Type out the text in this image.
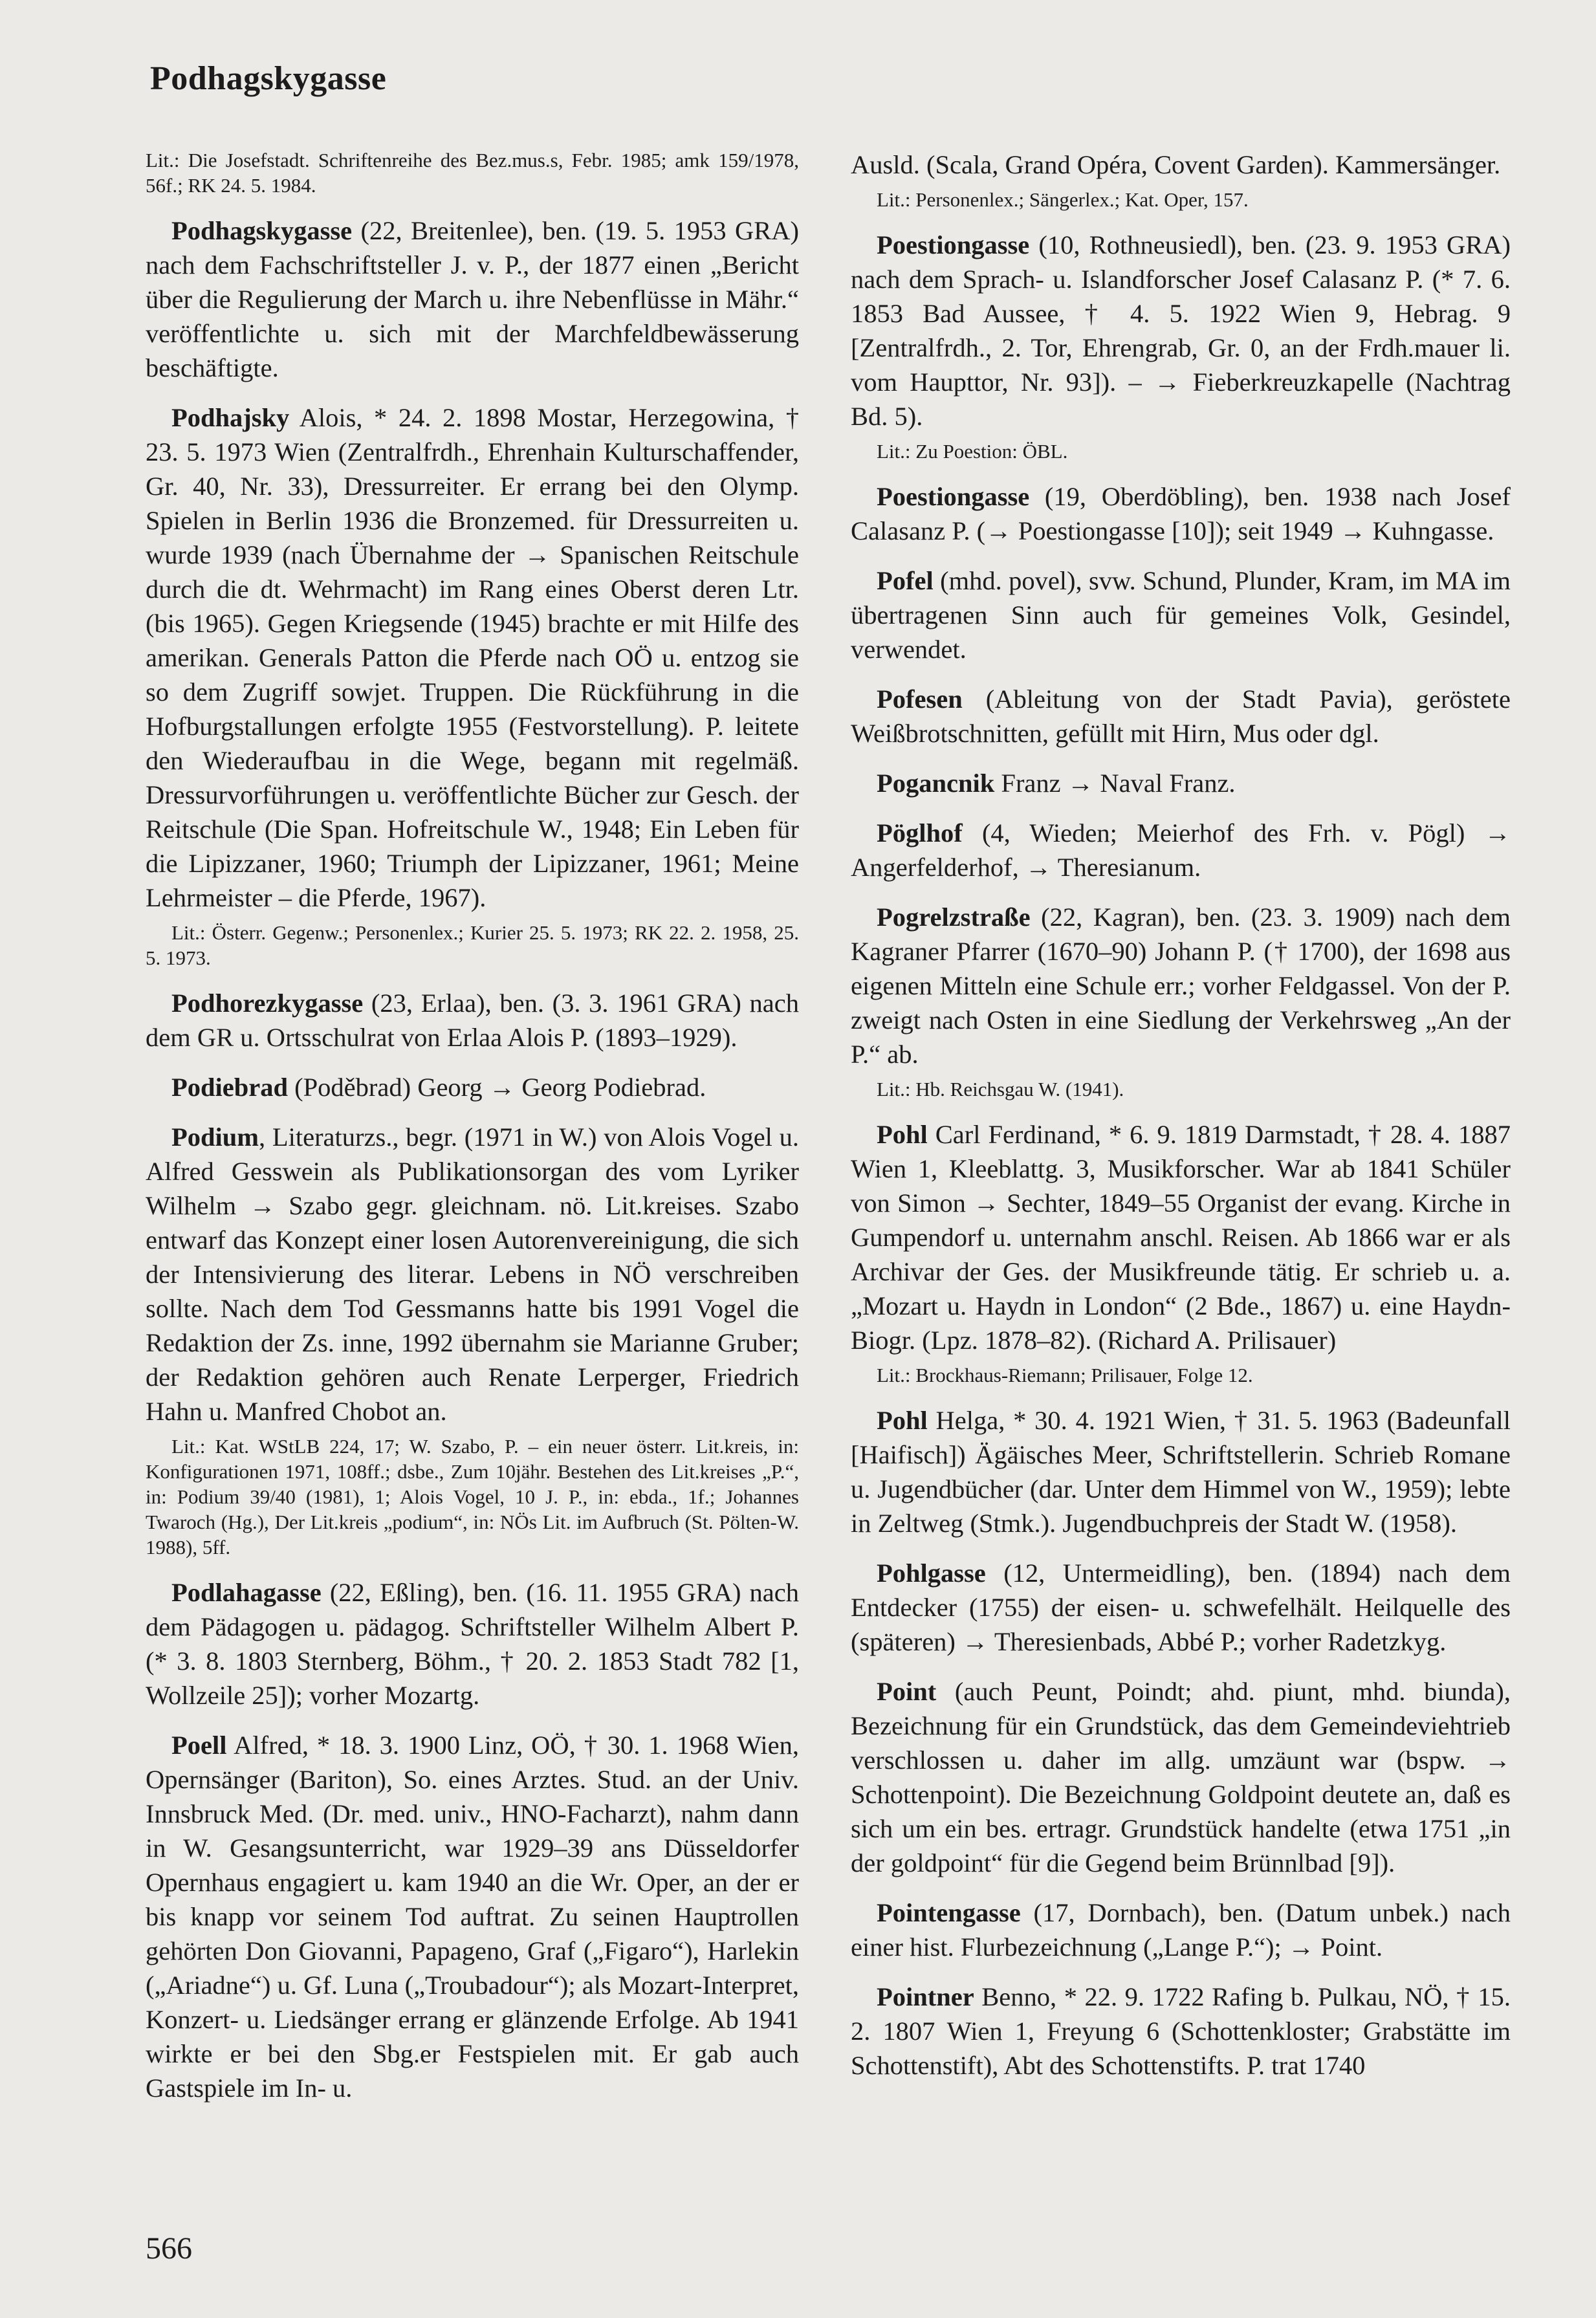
Podhagskygasse

Lit.: Die Josefstadt. Schriftenreihe des Bez.mus.s, Febr. 1985; amk 159/1978, 56f.; RK 24. 5. 1984.

Podhagskygasse (22, Breitenlee), ben. (19. 5. 1953 GRA) nach dem Fachschriftsteller J. v. P., der 1877 einen „Bericht über die Regulierung der March u. ihre Nebenflüsse in Mähr.“ veröffentlichte u. sich mit der Marchfeldbewässerung beschäftigte.

Podhajsky Alois, * 24. 2. 1898 Mostar, Herzegowina, † 23. 5. 1973 Wien (Zentralfrdh., Ehrenhain Kulturschaffender, Gr. 40, Nr. 33), Dressurreiter. Er errang bei den Olymp. Spielen in Berlin 1936 die Bronzemed. für Dressurreiten u. wurde 1939 (nach Übernahme der → Spanischen Reitschule durch die dt. Wehrmacht) im Rang eines Oberst deren Ltr. (bis 1965). Gegen Kriegsende (1945) brachte er mit Hilfe des amerikan. Generals Patton die Pferde nach OÖ u. entzog sie so dem Zugriff sowjet. Truppen. Die Rückführung in die Hofburgstallungen erfolgte 1955 (Festvorstellung). P. leitete den Wiederaufbau in die Wege, begann mit regelmäß. Dressurvorführungen u. veröffentlichte Bücher zur Gesch. der Reitschule (Die Span. Hofreitschule W., 1948; Ein Leben für die Lipizzaner, 1960; Triumph der Lipizzaner, 1961; Meine Lehrmeister – die Pferde, 1967).

Lit.: Österr. Gegenw.; Personenlex.; Kurier 25. 5. 1973; RK 22. 2. 1958, 25. 5. 1973.

Podhorezkygasse (23, Erlaa), ben. (3. 3. 1961 GRA) nach dem GR u. Ortsschulrat von Erlaa Alois P. (1893–1929).

Podiebrad (Poděbrad) Georg → Georg Podiebrad.

Podium, Literaturzs., begr. (1971 in W.) von Alois Vogel u. Alfred Gesswein als Publikationsorgan des vom Lyriker Wilhelm → Szabo gegr. gleichnam. nö. Lit.kreises. Szabo entwarf das Konzept einer losen Autorenvereinigung, die sich der Intensivierung des literar. Lebens in NÖ verschreiben sollte. Nach dem Tod Gessmanns hatte bis 1991 Vogel die Redaktion der Zs. inne, 1992 übernahm sie Marianne Gruber; der Redaktion gehören auch Renate Lerperger, Friedrich Hahn u. Manfred Chobot an.

Lit.: Kat. WStLB 224, 17; W. Szabo, P. – ein neuer österr. Lit.kreis, in: Konfigurationen 1971, 108ff.; dsbe., Zum 10jähr. Bestehen des Lit.kreises „P.“, in: Podium 39/40 (1981), 1; Alois Vogel, 10 J. P., in: ebda., 1f.; Johannes Twaroch (Hg.), Der Lit.kreis „podium“, in: NÖs Lit. im Aufbruch (St. Pölten-W. 1988), 5ff.

Podlahagasse (22, Eßling), ben. (16. 11. 1955 GRA) nach dem Pädagogen u. pädagog. Schriftsteller Wilhelm Albert P. (* 3. 8. 1803 Sternberg, Böhm., † 20. 2. 1853 Stadt 782 [1, Wollzeile 25]); vorher Mozartg.

Poell Alfred, * 18. 3. 1900 Linz, OÖ, † 30. 1. 1968 Wien, Opernsänger (Bariton), So. eines Arztes. Stud. an der Univ. Innsbruck Med. (Dr. med. univ., HNO-Facharzt), nahm dann in W. Gesangsunterricht, war 1929–39 ans Düsseldorfer Opernhaus engagiert u. kam 1940 an die Wr. Oper, an der er bis knapp vor seinem Tod auftrat. Zu seinen Hauptrollen gehörten Don Giovanni, Papageno, Graf („Figaro“), Harlekin („Ariadne“) u. Gf. Luna („Troubadour“); als Mozart-Interpret, Konzert- u. Liedsänger errang er glänzende Erfolge. Ab 1941 wirkte er bei den Sbg.er Festspielen mit. Er gab auch Gastspiele im In- u.

Ausld. (Scala, Grand Opéra, Covent Garden). Kammersänger.

Lit.: Personenlex.; Sängerlex.; Kat. Oper, 157.

Poestiongasse (10, Rothneusiedl), ben. (23. 9. 1953 GRA) nach dem Sprach- u. Islandforscher Josef Calasanz P. (* 7. 6. 1853 Bad Aussee, † 4. 5. 1922 Wien 9, Hebrag. 9 [Zentralfrdh., 2. Tor, Ehrengrab, Gr. 0, an der Frdh.mauer li. vom Haupttor, Nr. 93]). – → Fieberkreuzkapelle (Nachtrag Bd. 5).

Lit.: Zu Poestion: ÖBL.

Poestiongasse (19, Oberdöbling), ben. 1938 nach Josef Calasanz P. (→ Poestiongasse [10]); seit 1949 → Kuhngasse.

Pofel (mhd. povel), svw. Schund, Plunder, Kram, im MA im übertragenen Sinn auch für gemeines Volk, Gesindel, verwendet.

Pofesen (Ableitung von der Stadt Pavia), geröstete Weißbrotschnitten, gefüllt mit Hirn, Mus oder dgl.

Pogancnik Franz → Naval Franz.

Pöglhof (4, Wieden; Meierhof des Frh. v. Pögl) → Angerfelderhof, → Theresianum.

Pogrelzstraße (22, Kagran), ben. (23. 3. 1909) nach dem Kagraner Pfarrer (1670–90) Johann P. († 1700), der 1698 aus eigenen Mitteln eine Schule err.; vorher Feldgassel. Von der P. zweigt nach Osten in eine Siedlung der Verkehrsweg „An der P.“ ab.

Lit.: Hb. Reichsgau W. (1941).

Pohl Carl Ferdinand, * 6. 9. 1819 Darmstadt, † 28. 4. 1887 Wien 1, Kleeblattg. 3, Musikforscher. War ab 1841 Schüler von Simon → Sechter, 1849–55 Organist der evang. Kirche in Gumpendorf u. unternahm anschl. Reisen. Ab 1866 war er als Archivar der Ges. der Musikfreunde tätig. Er schrieb u. a. „Mozart u. Haydn in London“ (2 Bde., 1867) u. eine Haydn-Biogr. (Lpz. 1878–82). (Richard A. Prilisauer)

Lit.: Brockhaus-Riemann; Prilisauer, Folge 12.

Pohl Helga, * 30. 4. 1921 Wien, † 31. 5. 1963 (Badeunfall [Haifisch]) Ägäisches Meer, Schriftstellerin. Schrieb Romane u. Jugendbücher (dar. Unter dem Himmel von W., 1959); lebte in Zeltweg (Stmk.). Jugendbuchpreis der Stadt W. (1958).

Pohlgasse (12, Untermeidling), ben. (1894) nach dem Entdecker (1755) der eisen- u. schwefelhält. Heilquelle des (späteren) → Theresienbads, Abbé P.; vorher Radetzkyg.

Point (auch Peunt, Poindt; ahd. piunt, mhd. biunda), Bezeichnung für ein Grundstück, das dem Gemeindeviehtrieb verschlossen u. daher im allg. umzäunt war (bspw. → Schottenpoint). Die Bezeichnung Goldpoint deutete an, daß es sich um ein bes. ertragr. Grundstück handelte (etwa 1751 „in der goldpoint“ für die Gegend beim Brünnlbad [9]).

Pointengasse (17, Dornbach), ben. (Datum unbek.) nach einer hist. Flurbezeichnung („Lange P.“); → Point.

Pointner Benno, * 22. 9. 1722 Rafing b. Pulkau, NÖ, † 15. 2. 1807 Wien 1, Freyung 6 (Schottenkloster; Grabstätte im Schottenstift), Abt des Schottenstifts. P. trat 1740

566
